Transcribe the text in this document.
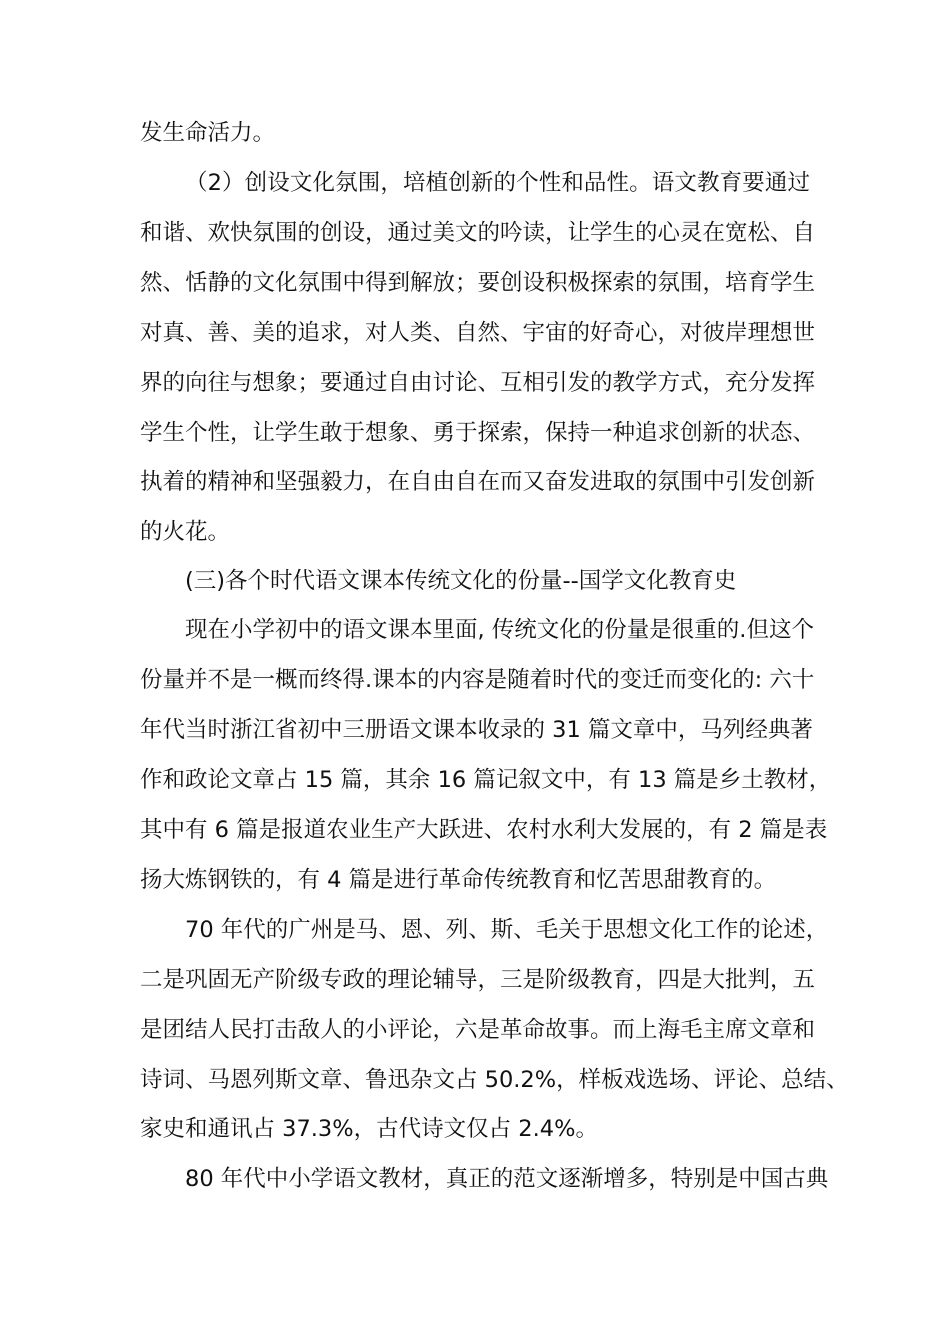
发生命活力。

（2）创设文化氛围，培植创新的个性和品性。语文教育要通过

和谐、欢快氛围的创设，通过美文的吟读，让学生的心灵在宽松、自

然、恬静的文化氛围中得到解放；要创设积极探索的氛围，培育学生

对真、善、美的追求，对人类、自然、宇宙的好奇心，对彼岸理想世

界的向往与想象；要通过自由讨论、互相引发的教学方式，充分发挥

学生个性，让学生敢于想象、勇于探索，保持一种追求创新的状态、

执着的精神和坚强毅力，在自由自在而又奋发进取的氛围中引发创新

的火花。

(三)各个时代语文课本传统文化的份量--国学文化教育史

现在小学初中的语文课本里面, 传统文化的份量是很重的.但这个

份量并不是一概而终得.课本的内容是随着时代的变迁而变化的: 六十

年代当时浙江省初中三册语文课本收录的 31 篇文章中，马列经典著

作和政论文章占 15 篇，其余 16 篇记叙文中，有 13 篇是乡土教材，

其中有 6 篇是报道农业生产大跃进、农村水利大发展的，有 2 篇是表

扬大炼钢铁的，有 4 篇是进行革命传统教育和忆苦思甜教育的。

70 年代的广州是马、恩、列、斯、毛关于思想文化工作的论述，

二是巩固无产阶级专政的理论辅导，三是阶级教育，四是大批判，五

是团结人民打击敌人的小评论，六是革命故事。而上海毛主席文章和

诗词、马恩列斯文章、鲁迅杂文占 50.2%，样板戏选场、评论、总结、

家史和通讯占 37.3%，古代诗文仅占 2.4%。

80 年代中小学语文教材，真正的范文逐渐增多，特别是中国古典
